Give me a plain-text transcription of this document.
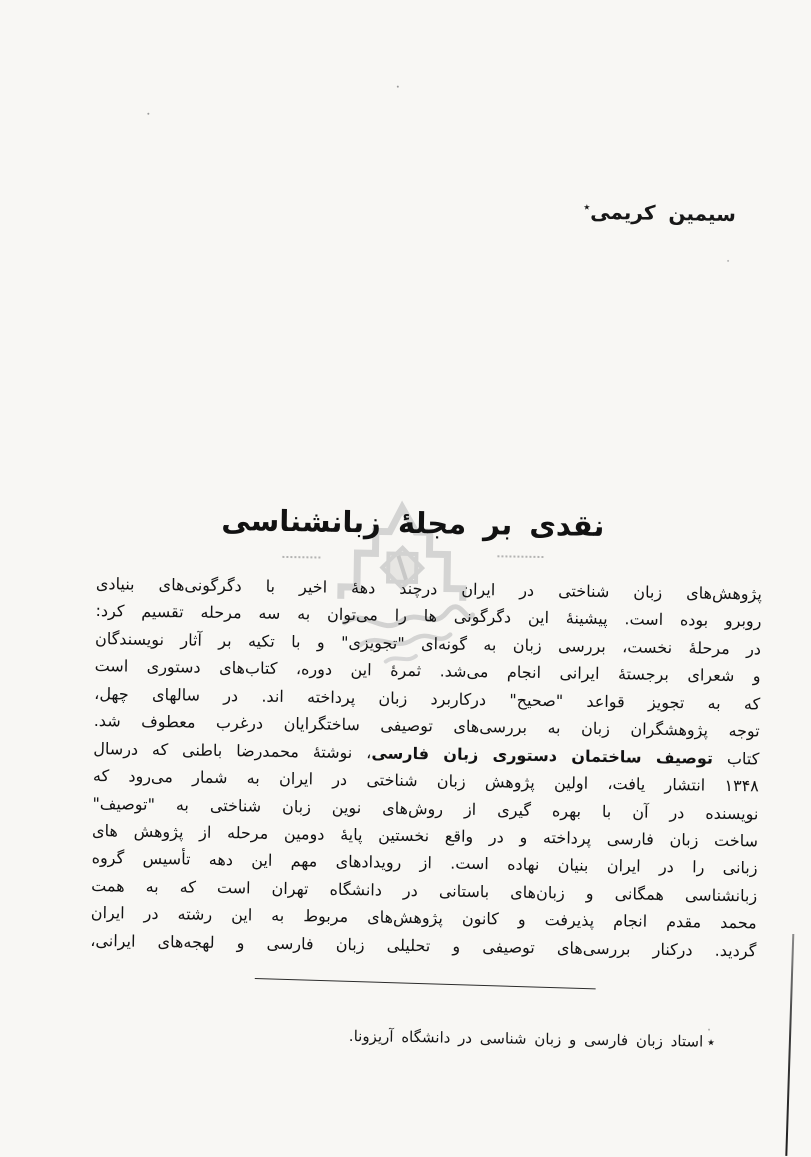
سیمین کریمی٭
نقدی بر مجلۀ زبانشناسی
پژوهش‌های زبان شناختی در ایران درچند دهۀ اخیر با دگرگونی‌های بنیادی
روبرو بوده است. پیشینۀ این دگرگونی ها را می‌توان به سه مرحله تقسیم کرد:
در مرحلۀ نخست، بررسی زبان به گونه‌ای "تجویزی" و با تکیه بر آثار نویسندگان
و شعرای برجستۀ ایرانی انجام می‌شد. ثمرۀ این دوره، کتاب‌های دستوری است
که به تجویز قواعد "صحیح" درکاربرد زبان پرداخته اند. در سالهای چهل،
توجه پژوهشگران زبان به بررسی‌های توصیفی ساختگرایان درغرب معطوف شد.
کتاب توصیف ساختمان دستوری زبان فارسی، نوشتۀ محمدرضا باطنی که درسال
۱۳۴۸ انتشار یافت، اولین پژوهش زبان شناختی در ایران به شمار می‌رود که
نویسنده در آن با بهره گیری از روش‌های نوین زبان شناختی به "توصیف"
ساخت زبان فارسی پرداخته و در واقع نخستین پایۀ دومین مرحله از پژوهش های
زبانی را در ایران بنیان نهاده است. از رویدادهای مهم این دهه تأسیس گروه
زبانشناسی همگانی و زبان‌های باستانی در دانشگاه تهران است که به همت
محمد مقدم انجام پذیرفت و کانون پژوهش‌های مربوط به این رشته در ایران
گردید. درکنار بررسی‌های توصیفی و تحلیلی زبان فارسی و لهجه‌های ایرانی،
٭استاد زبان فارسی و زبان شناسی در دانشگاه آریزونا.
